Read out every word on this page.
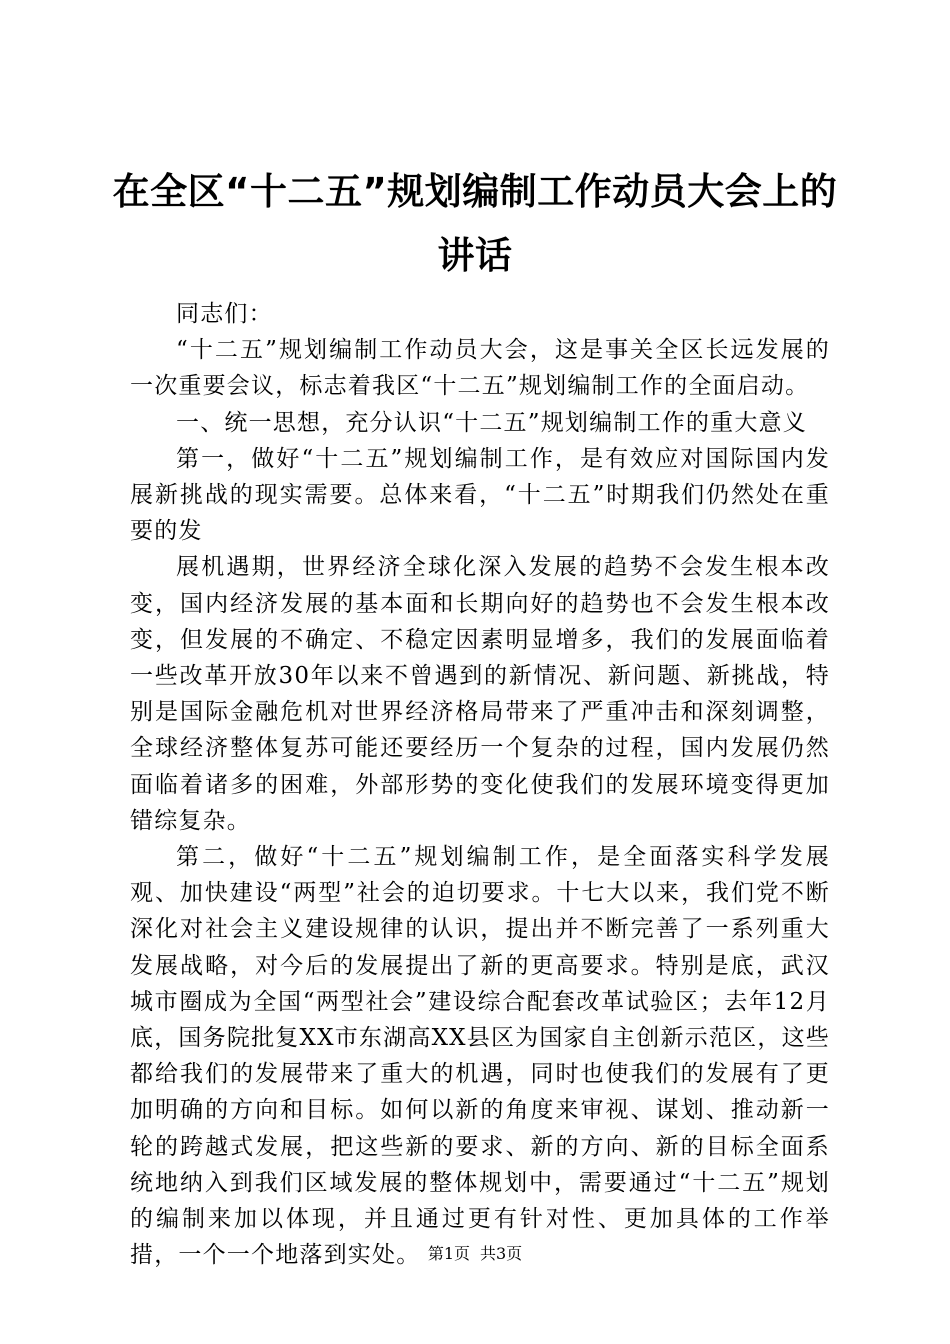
在全区“十二五”规划编制工作动员大会上的讲话

同志们：

“十二五”规划编制工作动员大会，这是事关全区长远发展的一次重要会议，标志着我区“十二五”规划编制工作的全面启动。

一、统一思想，充分认识“十二五”规划编制工作的重大意义

第一，做好“十二五”规划编制工作，是有效应对国际国内发展新挑战的现实需要。总体来看，“十二五”时期我们仍然处在重要的发

展机遇期，世界经济全球化深入发展的趋势不会发生根本改变，国内经济发展的基本面和长期向好的趋势也不会发生根本改变，但发展的不确定、不稳定因素明显增多，我们的发展面临着一些改革开放30年以来不曾遇到的新情况、新问题、新挑战，特别是国际金融危机对世界经济格局带来了严重冲击和深刻调整，全球经济整体复苏可能还要经历一个复杂的过程，国内发展仍然面临着诸多的困难，外部形势的变化使我们的发展环境变得更加错综复杂。

第二，做好“十二五”规划编制工作，是全面落实科学发展观、加快建设“两型”社会的迫切要求。十七大以来，我们党不断深化对社会主义建设规律的认识，提出并不断完善了一系列重大发展战略，对今后的发展提出了新的更高要求。特别是底，武汉城市圈成为全国“两型社会”建设综合配套改革试验区；去年12月底，国务院批复XX市东湖高XX县区为国家自主创新示范区，这些都给我们的发展带来了重大的机遇，同时也使我们的发展有了更加明确的方向和目标。如何以新的角度来审视、谋划、推动新一轮的跨越式发展，把这些新的要求、新的方向、新的目标全面系统地纳入到我们区域发展的整体规划中，需要通过“十二五”规划的编制来加以体现，并且通过更有针对性、更加具体的工作举措，一个一个地落到实处。 第1页 共3页
